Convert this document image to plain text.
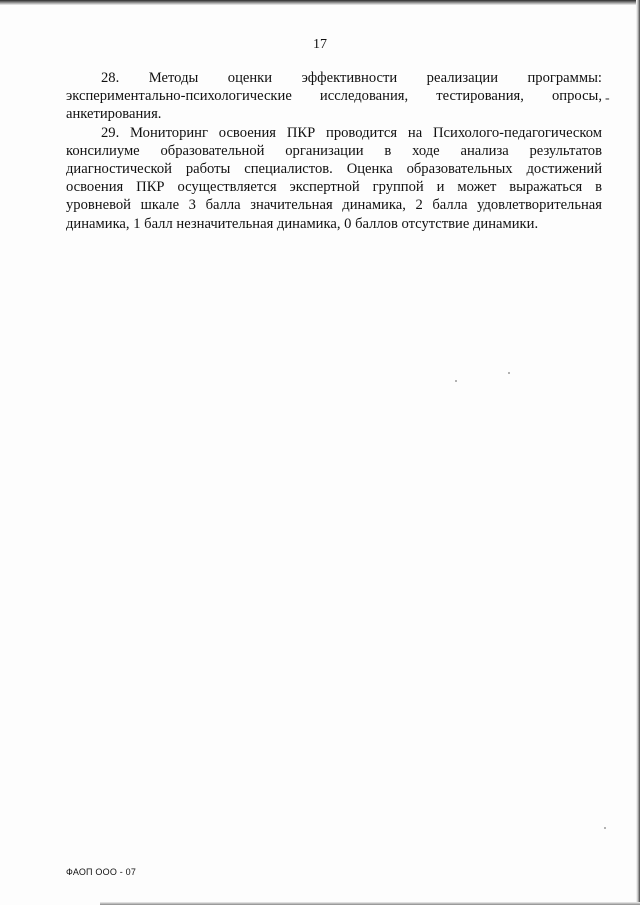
17

28. Методы оценки эффективности реализации программы:
экспериментально-психологические исследования, тестирования, опросы,
анкетирования.

29. Мониторинг освоения ПКР проводится на Психолого-педагогическом
консилиуме образовательной организации в ходе анализа результатов
диагностической работы специалистов. Оценка образовательных достижений
освоения ПКР осуществляется экспертной группой и может выражаться в
уровневой шкале 3 балла значительная динамика, 2 балла удовлетворительная
динамика, 1 балл незначительная динамика, 0 баллов отсутствие динамики.

-
ФАОП ООО - 07
